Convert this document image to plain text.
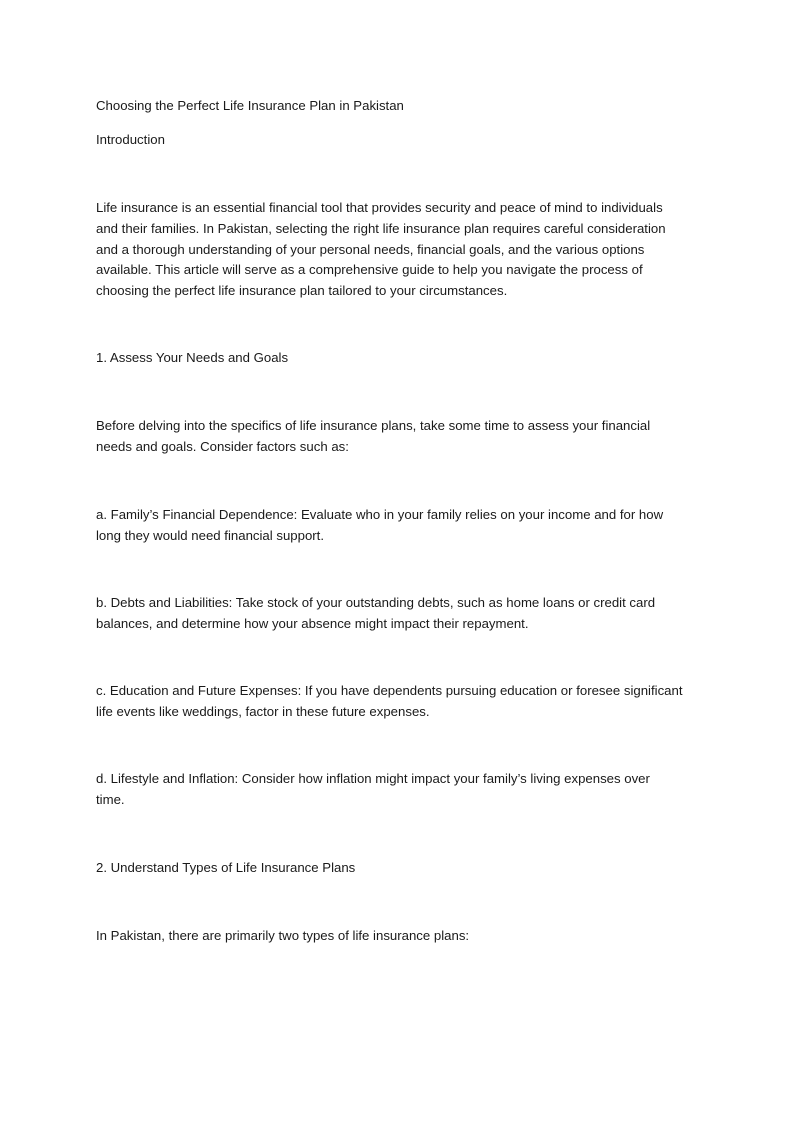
Choosing the Perfect Life Insurance Plan in Pakistan

Introduction

Life insurance is an essential financial tool that provides security and peace of mind to individuals
and their families. In Pakistan, selecting the right life insurance plan requires careful consideration
and a thorough understanding of your personal needs, financial goals, and the various options
available. This article will serve as a comprehensive guide to help you navigate the process of
choosing the perfect life insurance plan tailored to your circumstances.

1. Assess Your Needs and Goals

Before delving into the specifics of life insurance plans, take some time to assess your financial
needs and goals. Consider factors such as:

a. Family’s Financial Dependence: Evaluate who in your family relies on your income and for how
long they would need financial support.

b. Debts and Liabilities: Take stock of your outstanding debts, such as home loans or credit card
balances, and determine how your absence might impact their repayment.

c. Education and Future Expenses: If you have dependents pursuing education or foresee significant
life events like weddings, factor in these future expenses.

d. Lifestyle and Inflation: Consider how inflation might impact your family’s living expenses over
time.

2. Understand Types of Life Insurance Plans

In Pakistan, there are primarily two types of life insurance plans:
